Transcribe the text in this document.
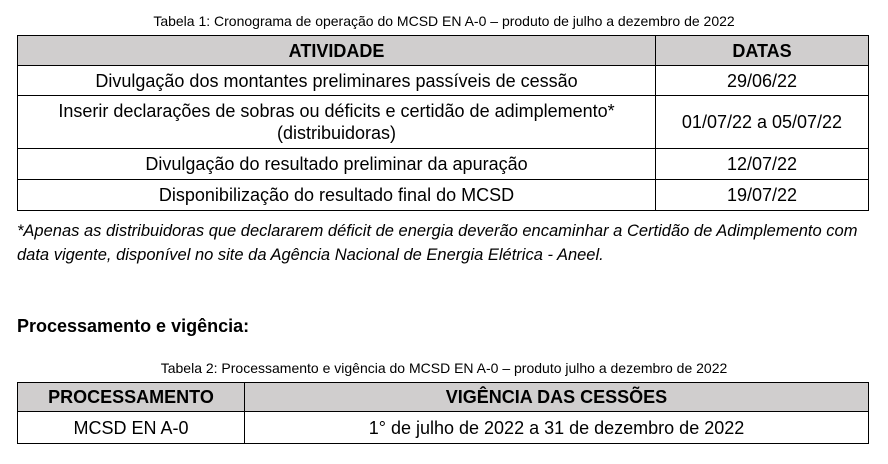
Tabela 1: Cronograma de operação do MCSD EN A-0 – produto de julho a dezembro de 2022
ATIVIDADE	DATAS
Divulgação dos montantes preliminares passíveis de cessão	29/06/22
Inserir declarações de sobras ou déficits e certidão de adimplemento* (distribuidoras)	01/07/22 a 05/07/22
Divulgação do resultado preliminar da apuração	12/07/22
Disponibilização do resultado final do MCSD	19/07/22
*Apenas as distribuidoras que declararem déficit de energia deverão encaminhar a Certidão de Adimplemento com data vigente, disponível no site da Agência Nacional de Energia Elétrica - Aneel.
Processamento e vigência:
Tabela 2: Processamento e vigência do MCSD EN A-0 – produto julho a dezembro de 2022
PROCESSAMENTO	VIGÊNCIA DAS CESSÕES
MCSD EN A-0	1° de julho de 2022 a 31 de dezembro de 2022
